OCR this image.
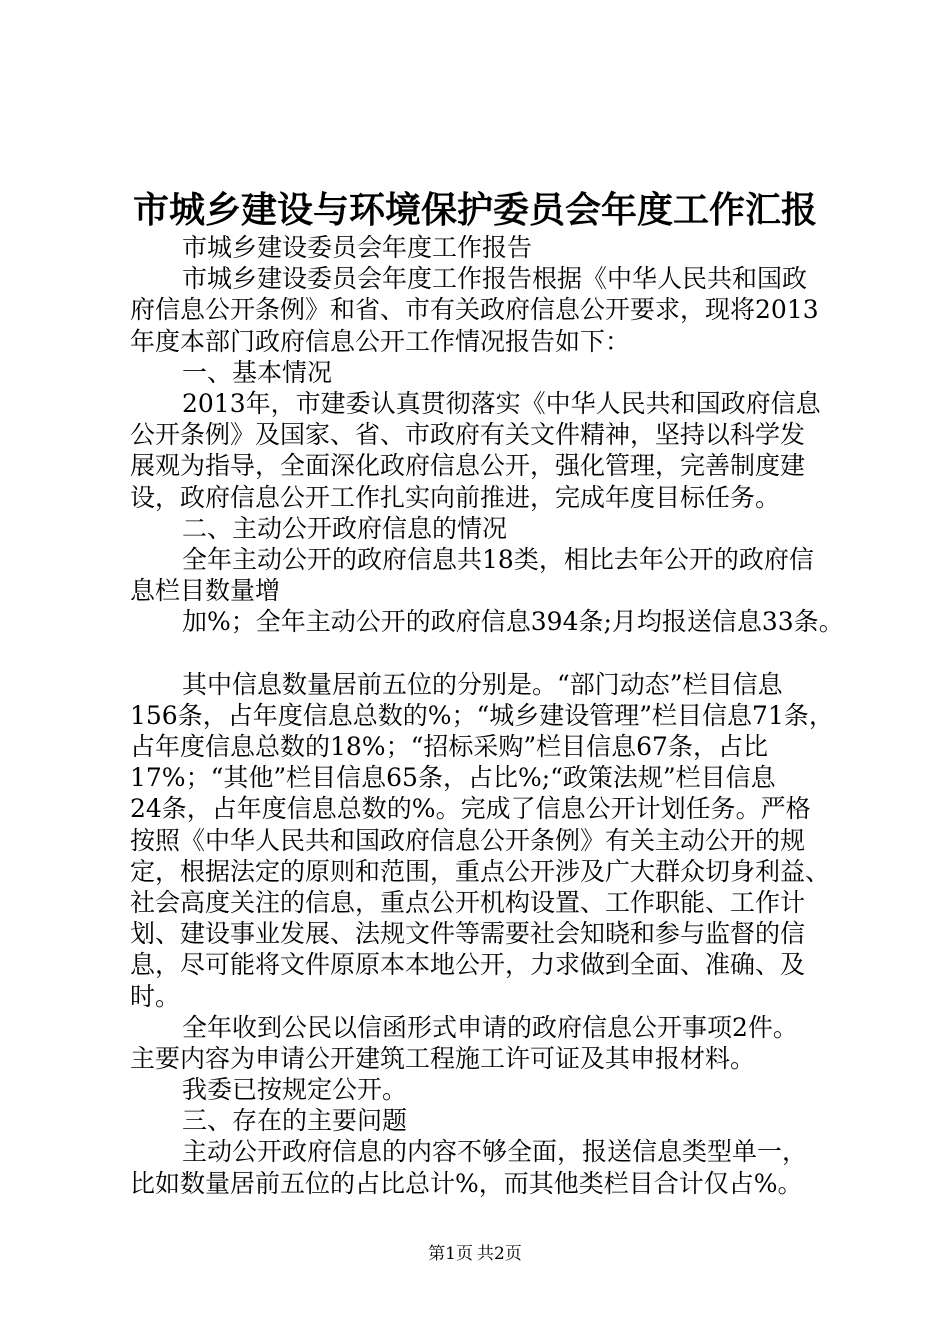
市城乡建设与环境保护委员会年度工作汇报
市城乡建设委员会年度工作报告
市城乡建设委员会年度工作报告根据《中华人民共和国政
府信息公开条例》和省、市有关政府信息公开要求，现将2013
年度本部门政府信息公开工作情况报告如下：
一、基本情况
2013年，市建委认真贯彻落实《中华人民共和国政府信息
公开条例》及国家、省、市政府有关文件精神，坚持以科学发
展观为指导，全面深化政府信息公开，强化管理，完善制度建
设，政府信息公开工作扎实向前推进，完成年度目标任务。
二、主动公开政府信息的情况
全年主动公开的政府信息共18类，相比去年公开的政府信
息栏目数量增
加%；全年主动公开的政府信息394条;月均报送信息33条。
其中信息数量居前五位的分别是。“部门动态”栏目信息
156条，占年度信息总数的%；“城乡建设管理”栏目信息71条，
占年度信息总数的18%；“招标采购”栏目信息67条，占比
17%；“其他”栏目信息65条，占比%;“政策法规”栏目信息
24条，占年度信息总数的%。完成了信息公开计划任务。严格
按照《中华人民共和国政府信息公开条例》有关主动公开的规
定，根据法定的原则和范围，重点公开涉及广大群众切身利益、
社会高度关注的信息，重点公开机构设置、工作职能、工作计
划、建设事业发展、法规文件等需要社会知晓和参与监督的信
息，尽可能将文件原原本本地公开，力求做到全面、准确、及
时。
全年收到公民以信函形式申请的政府信息公开事项2件。
主要内容为申请公开建筑工程施工许可证及其申报材料。
我委已按规定公开。
三、存在的主要问题
主动公开政府信息的内容不够全面，报送信息类型单一，
比如数量居前五位的占比总计%，而其他类栏目合计仅占%。
第1页 共2页
